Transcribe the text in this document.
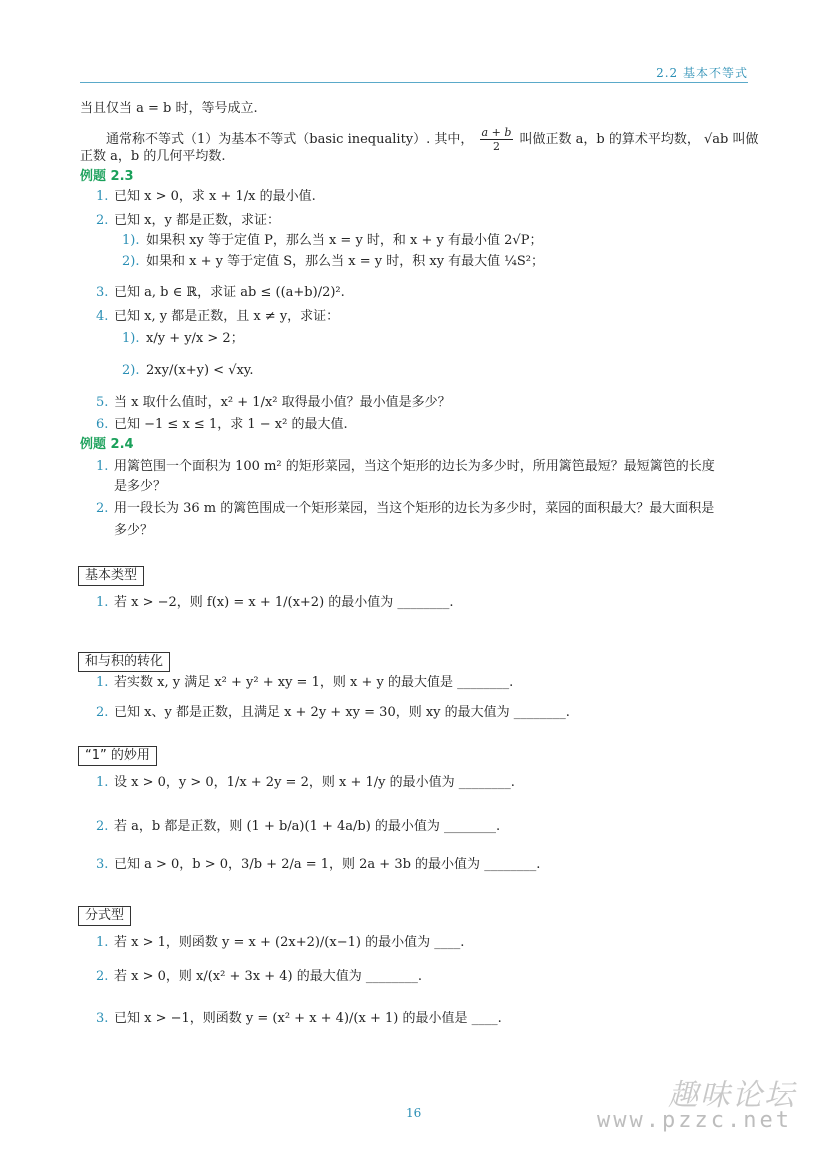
2.2 基本不等式
当且仅当 a = b 时，等号成立.
通常称不等式（1）为基本不等式（basic inequality）. 其中， $\frac{a + b}{2}$ 叫做正数 a，b 的算术平均数， √ab 叫做
正数 a，b 的几何平均数.
例题 2.3
1. 已知 x > 0，求 x + 1/x 的最小值.
2. 已知 x，y 都是正数，求证：
1). 如果积 xy 等于定值 P，那么当 x = y 时，和 x + y 有最小值 2√P；
2). 如果和 x + y 等于定值 S，那么当 x = y 时，积 xy 有最大值 ¼S²；
3. 已知 a, b ∈ ℝ，求证 ab ≤ ((a+b)/2)².
4. 已知 x, y 都是正数，且 x ≠ y，求证：
1). x/y + y/x > 2；
2). 2xy/(x+y) < √xy.
5. 当 x 取什么值时，x² + 1/x² 取得最小值？最小值是多少？
6. 已知 −1 ≤ x ≤ 1，求 1 − x² 的最大值.
例题 2.4
1. 用篱笆围一个面积为 100 m² 的矩形菜园，当这个矩形的边长为多少时，所用篱笆最短？最短篱笆的长度
是多少？
2. 用一段长为 36 m 的篱笆围成一个矩形菜园，当这个矩形的边长为多少时，菜园的面积最大？最大面积是
多少？
基本类型
1. 若 x > −2，则 f(x) = x + 1/(x+2) 的最小值为 ________.
和与积的转化
1. 若实数 x, y 满足 x² + y² + xy = 1，则 x + y 的最大值是 ________.
2. 已知 x、y 都是正数，且满足 x + 2y + xy = 30，则 xy 的最大值为 ________.
“1” 的妙用
1. 设 x > 0，y > 0，1/x + 2y = 2，则 x + 1/y 的最小值为 ________.
2. 若 a，b 都是正数，则 (1 + b/a)(1 + 4a/b) 的最小值为 ________.
3. 已知 a > 0，b > 0，3/b + 2/a = 1，则 2a + 3b 的最小值为 ________.
分式型
1. 若 x > 1，则函数 y = x + (2x+2)/(x−1) 的最小值为 ____.
2. 若 x > 0，则 x/(x² + 3x + 4) 的最大值为 ________.
3. 已知 x > −1，则函数 y = (x² + x + 4)/(x + 1) 的最小值是 ____.
16	趣味论坛
www.pzzc.net
